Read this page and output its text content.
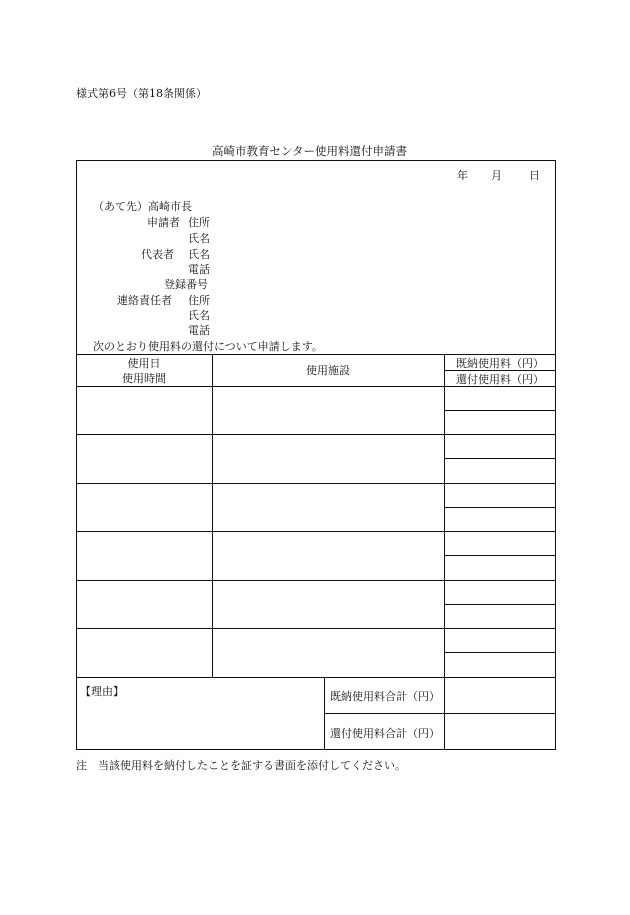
様式第6号（第18条関係）
高崎市教育センター使用料還付申請書
年 月 日
（あて先）高崎市長
申請者 住所
氏名
代表者 氏名
電話
登録番号
連絡責任者 住所
氏名
電話
次のとおり使用料の還付について申請します。
使用日
使用時間
使用施設
既納使用料（円）
還付使用料（円）
【理由】	既納使用料合計（円）
還付使用料合計（円）
注　当該使用料を納付したことを証する書面を添付してください。
